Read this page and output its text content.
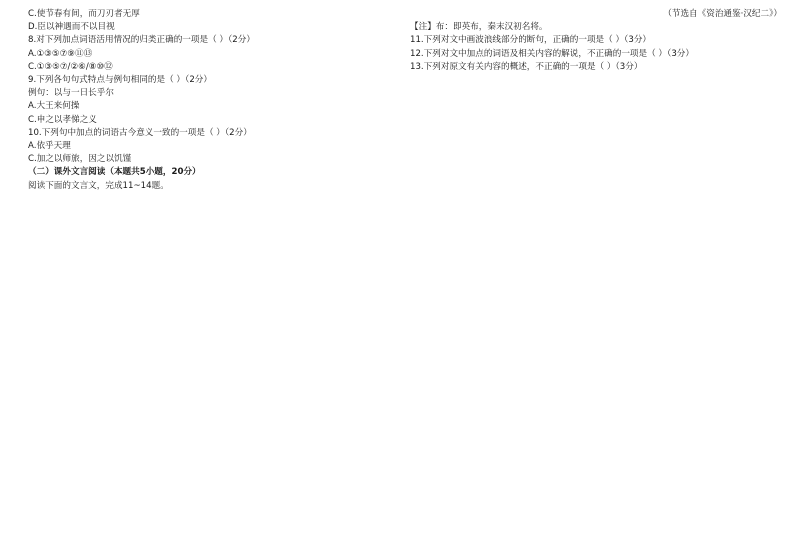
C.使节春有间，而刀刃者无厚
D.臣以神遇而不以目视
8.对下列加点词语活用情况的归类正确的一项是（ ）（2分）
A.①③⑤⑦⑨⑪⑬
C.①③⑤⑦/②⑥/⑧⑩⑫
9.下列各句句式特点与例句相同的是（ ）（2分）
例句：以与一日长乎尔
A.大王来何操
C.申之以孝悌之义
10.下列句中加点的词语古今意义一致的一项是（ ）（2分）
A.依乎天理
C.加之以师旅，因之以饥馑
（二）课外文言阅读（本题共5小题，20分）
阅读下面的文言文，完成11~14题。
（节选自《资治通鉴·汉纪二》）
【注】布：即英布，秦末汉初名将。
11.下列对文中画波浪线部分的断句，正确的一项是（ ）（3分）
12.下列对文中加点的词语及相关内容的解说，不正确的一项是（ ）（3分）
13.下列对原文有关内容的概述，不正确的一项是（ ）（3分）
